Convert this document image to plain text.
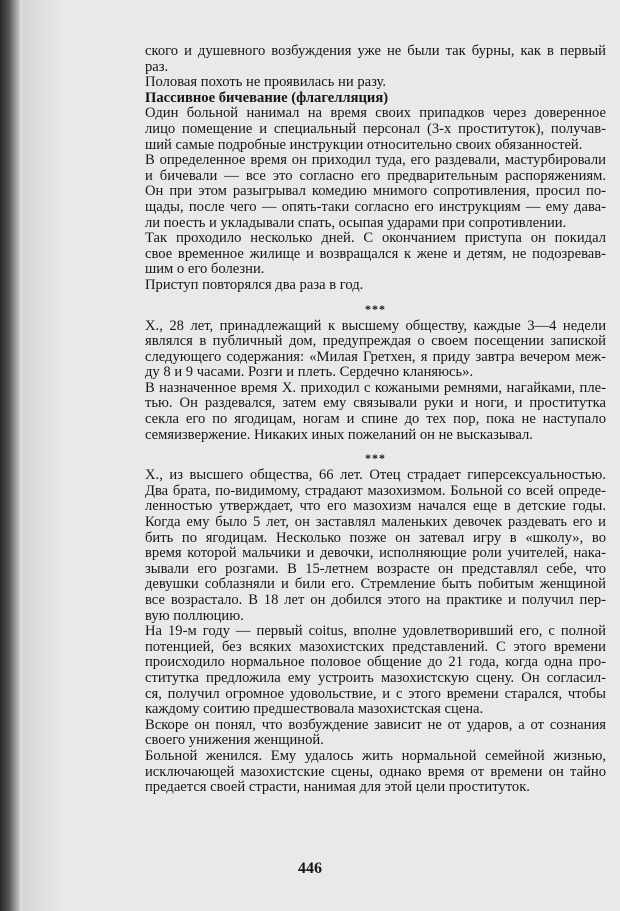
ского и душевного возбуждения уже не были так бурны, как в первый
раз.
Половая похоть не проявилась ни разу.
Пассивное бичевание (флагелляция)
Один больной нанимал на время своих припадков через доверенное
лицо помещение и специальный персонал (3-х проституток), получав-
ший самые подробные инструкции относительно своих обязанностей.
В определенное время он приходил туда, его раздевали, мастурбировали
и бичевали — все это согласно его предварительным распоряжениям.
Он при этом разыгрывал комедию мнимого сопротивления, просил по-
щады, после чего — опять-таки согласно его инструкциям — ему дава-
ли поесть и укладывали спать, осыпая ударами при сопротивлении.
Так проходило несколько дней. С окончанием приступа он покидал
свое временное жилище и возвращался к жене и детям, не подозревав-
шим о его болезни.
Приступ повторялся два раза в год.
***
Х., 28 лет, принадлежащий к высшему обществу, каждые 3—4 недели
являлся в публичный дом, предупреждая о своем посещении запиской
следующего содержания: «Милая Гретхен, я приду завтра вечером меж-
ду 8 и 9 часами. Розги и плеть. Сердечно кланяюсь».
В назначенное время Х. приходил с кожаными ремнями, нагайками, пле-
тью. Он раздевался, затем ему связывали руки и ноги, и проститутка
секла его по ягодицам, ногам и спине до тех пор, пока не наступало
семяизвержение. Никаких иных пожеланий он не высказывал.
***
Х., из высшего общества, 66 лет. Отец страдает гиперсексуальностью.
Два брата, по-видимому, страдают мазохизмом. Больной со всей опреде-
ленностью утверждает, что его мазохизм начался еще в детские годы.
Когда ему было 5 лет, он заставлял маленьких девочек раздевать его и
бить по ягодицам. Несколько позже он затевал игру в «школу», во
время которой мальчики и девочки, исполняющие роли учителей, нака-
зывали его розгами. В 15-летнем возрасте он представлял себе, что
девушки соблазняли и били его. Стремление быть побитым женщиной
все возрастало. В 18 лет он добился этого на практике и получил пер-
вую поллюцию.
На 19-м году — первый coitus, вполне удовлетворивший его, с полной
потенцией, без всяких мазохистских представлений. С этого времени
происходило нормальное половое общение до 21 года, когда одна про-
ститутка предложила ему устроить мазохистскую сцену. Он согласил-
ся, получил огромное удовольствие, и с этого времени старался, чтобы
каждому соитию предшествовала мазохистская сцена.
Вскоре он понял, что возбуждение зависит не от ударов, а от сознания
своего унижения женщиной.
Больной женился. Ему удалось жить нормальной семейной жизнью,
исключающей мазохистские сцены, однако время от времени он тайно
предается своей страсти, нанимая для этой цели проституток.
446
